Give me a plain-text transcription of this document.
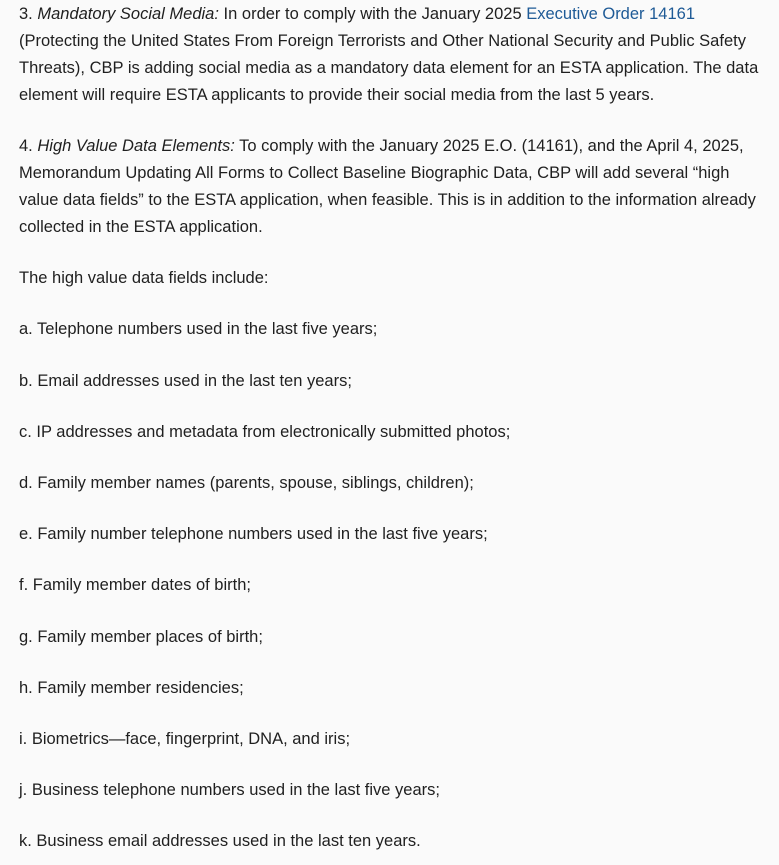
3. Mandatory Social Media: In order to comply with the January 2025 Executive Order 14161 (Protecting the United States From Foreign Terrorists and Other National Security and Public Safety Threats), CBP is adding social media as a mandatory data element for an ESTA application. The data element will require ESTA applicants to provide their social media from the last 5 years.

4. High Value Data Elements: To comply with the January 2025 E.O. (14161), and the April 4, 2025, Memorandum Updating All Forms to Collect Baseline Biographic Data, CBP will add several “high value data fields” to the ESTA application, when feasible. This is in addition to the information already collected in the ESTA application.

The high value data fields include:

a. Telephone numbers used in the last five years;

b. Email addresses used in the last ten years;

c. IP addresses and metadata from electronically submitted photos;

d. Family member names (parents, spouse, siblings, children);

e. Family number telephone numbers used in the last five years;

f. Family member dates of birth;

g. Family member places of birth;

h. Family member residencies;

i. Biometrics—face, fingerprint, DNA, and iris;

j. Business telephone numbers used in the last five years;

k. Business email addresses used in the last ten years.
